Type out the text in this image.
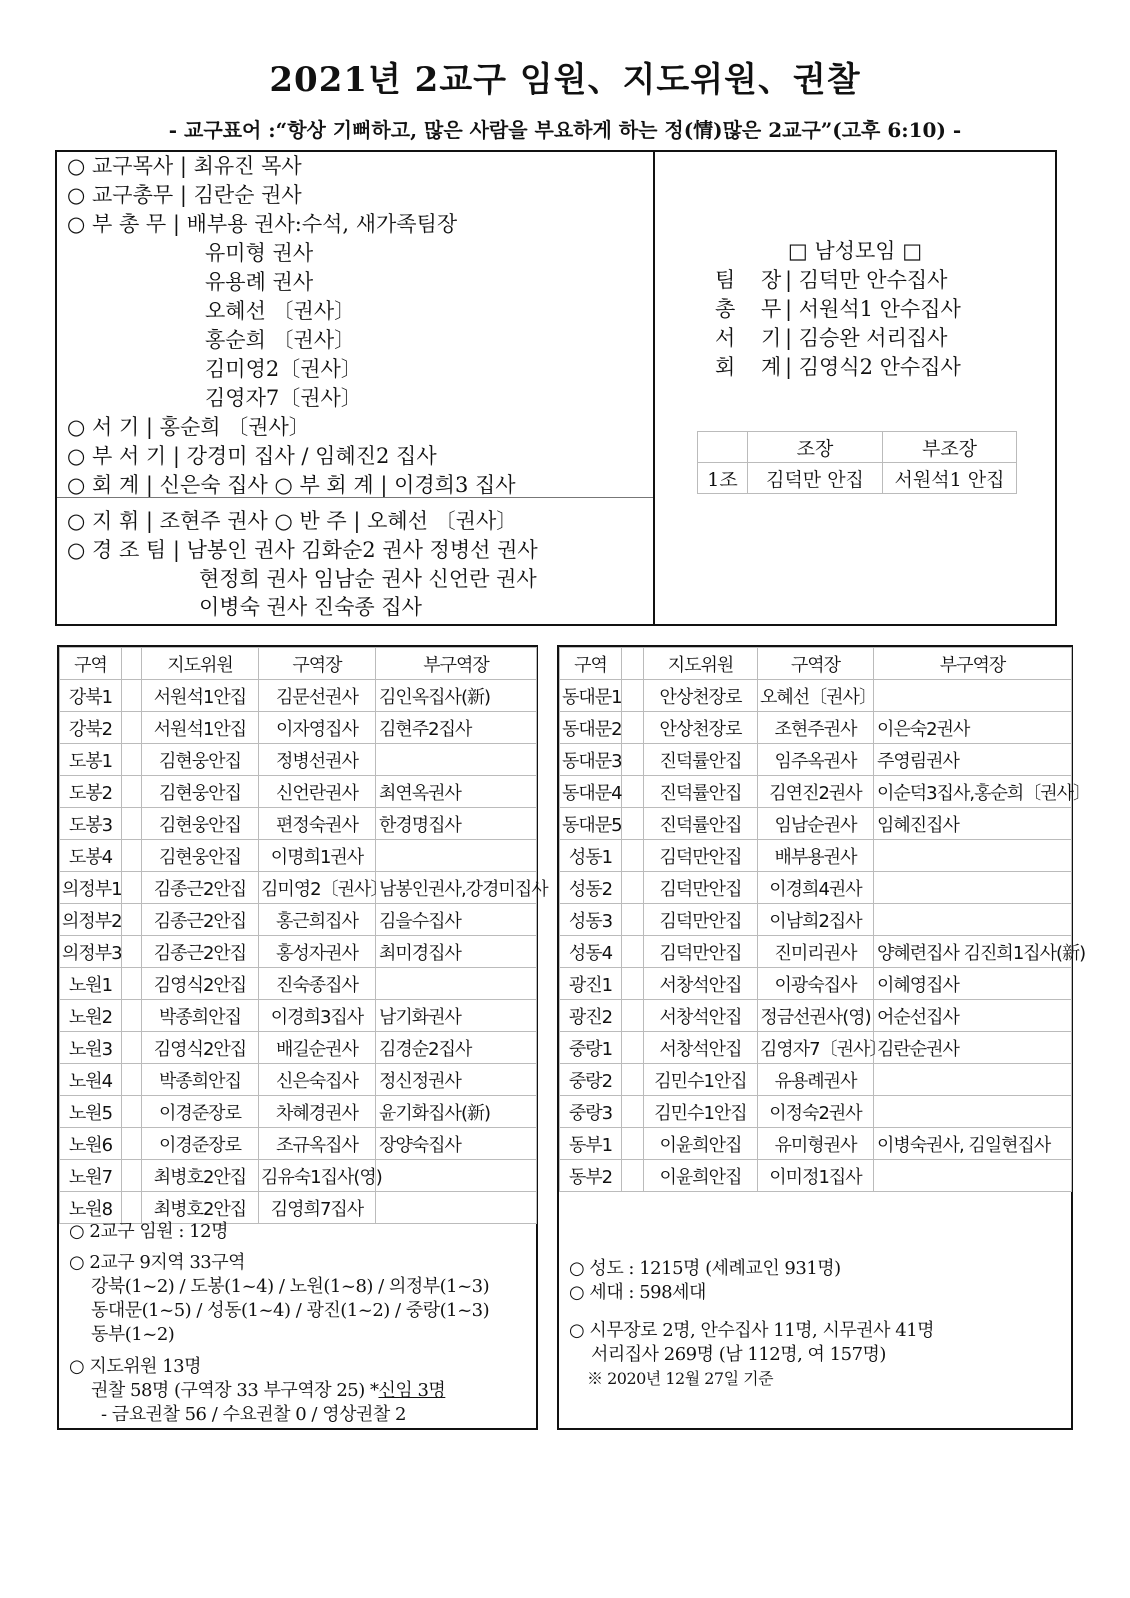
2021년 2교구 임원、지도위원、권찰
- 교구표어 :“항상 기뻐하고, 많은 사람을 부요하게 하는 정(情)많은 2교구”(고후 6:10) -
○ 교구목사 | 최유진 목사
○ 교구총무 | 김란순 권사
○ 부 총 무 | 배부용 권사:수석, 새가족팀장
유미형 권사
유용례 권사
오혜선 〔권사〕
홍순희 〔권사〕
김미영2〔권사〕
김영자7〔권사〕
○ 서 기 | 홍순희 〔권사〕
○ 부 서 기 | 강경미 집사 / 임혜진2 집사
○ 회 계 | 신은숙 집사 ○ 부 회 계 | 이경희3 집사
○ 지 휘 | 조현주 권사 ○ 반 주 | 오혜선 〔권사〕
○ 경 조 팀 | 남봉인 권사 김화순2 권사 정병선 권사
현정희 권사 임남순 권사 신언란 권사
이병숙 권사 진숙종 집사
□ 남성모임 □
팀 장 | 김덕만 안수집사
총 무 | 서원석1 안수집사
서 기 | 김승완 서리집사
회 계 | 김영식2 안수집사
	조장	부조장
1조	김덕만 안집	서원석1 안집
구역		지도위원	구역장	부구역장
강북1		서원석1안집	김문선권사	김인옥집사(新)
강북2		서원석1안집	이자영집사	김현주2집사
도봉1		김현웅안집	정병선권사	
도봉2		김현웅안집	신언란권사	최연옥권사
도봉3		김현웅안집	편정숙권사	한경명집사
도봉4		김현웅안집	이명희1권사	
의정부1		김종근2안집	김미영2〔권사〕	남봉인권사,강경미집사
의정부2		김종근2안집	홍근희집사	김을수집사
의정부3		김종근2안집	홍성자권사	최미경집사
노원1		김영식2안집	진숙종집사	
노원2		박종희안집	이경희3집사	남기화권사
노원3		김영식2안집	배길순권사	김경순2집사
노원4		박종희안집	신은숙집사	정신정권사
노원5		이경준장로	차혜경권사	윤기화집사(新)
노원6		이경준장로	조규옥집사	장양숙집사
노원7		최병호2안집	김유숙1집사(영)	
노원8		최병호2안집	김영희7집사	
○ 2교구 임원 : 12명
○ 2교구 9지역 33구역
강북(1~2) / 도봉(1~4) / 노원(1~8) / 의정부(1~3)
동대문(1~5) / 성동(1~4) / 광진(1~2) / 중랑(1~3)
동부(1~2)
○ 지도위원 13명
권찰 58명 (구역장 33 부구역장 25) *신임 3명
- 금요권찰 56 / 수요권찰 0 / 영상권찰 2
구역		지도위원	구역장	부구역장
동대문1		안상천장로	오혜선〔권사〕	
동대문2		안상천장로	조현주권사	이은숙2권사
동대문3		진덕률안집	임주옥권사	주영림권사
동대문4		진덕률안집	김연진2권사	이순덕3집사,홍순희〔권사〕
동대문5		진덕률안집	임남순권사	임혜진집사
성동1		김덕만안집	배부용권사	
성동2		김덕만안집	이경희4권사	
성동3		김덕만안집	이남희2집사	
성동4		김덕만안집	진미리권사	양혜련집사 김진희1집사(新)
광진1		서창석안집	이광숙집사	이혜영집사
광진2		서창석안집	정금선권사(영)	어순선집사
중랑1		서창석안집	김영자7〔권사〕	김란순권사
중랑2		김민수1안집	유용례권사	
중랑3		김민수1안집	이정숙2권사	
동부1		이윤희안집	유미형권사	이병숙권사, 김일현집사
동부2		이윤희안집	이미정1집사	
○ 성도 : 1215명 (세례교인 931명)
○ 세대 : 598세대
○ 시무장로 2명, 안수집사 11명, 시무권사 41명
서리집사 269명 (남 112명, 여 157명)
※ 2020년 12월 27일 기준
